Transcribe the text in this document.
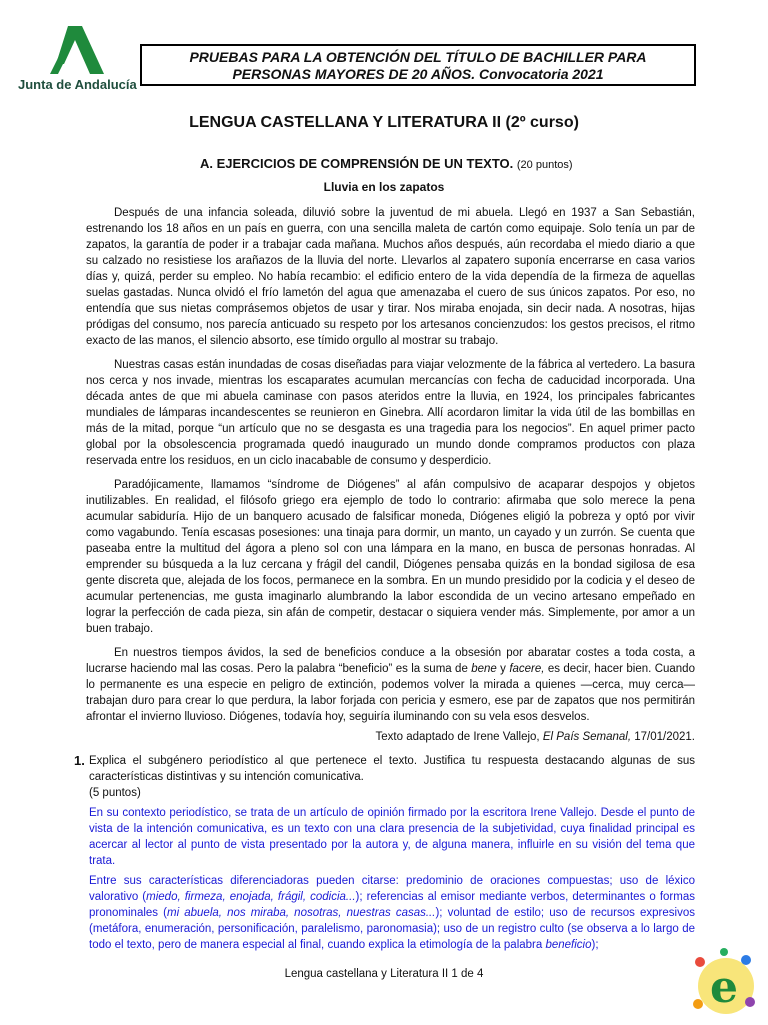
Junta de Andalucía
PRUEBAS PARA LA OBTENCIÓN DEL TÍTULO DE BACHILLER PARA
PERSONAS MAYORES DE 20 AÑOS. Convocatoria 2021
LENGUA CASTELLANA Y LITERATURA II (2º curso)
A. EJERCICIOS DE COMPRENSIÓN DE UN TEXTO. (20 puntos)
Lluvia en los zapatos

Después de una infancia soleada, diluvió sobre la juventud de mi abuela. Llegó en 1937 a San Sebastián, estrenando los 18 años en un país en guerra, con una sencilla maleta de cartón como equipaje. Solo tenía un par de zapatos, la garantía de poder ir a trabajar cada mañana. Muchos años después, aún recordaba el miedo diario a que su calzado no resistiese los arañazos de la lluvia del norte. Llevarlos al zapatero suponía encerrarse en casa varios días y, quizá, perder su empleo. No había recambio: el edificio entero de la vida dependía de la firmeza de aquellas suelas gastadas. Nunca olvidó el frío lametón del agua que amenazaba el cuero de sus únicos zapatos. Por eso, no entendía que sus nietas comprásemos objetos de usar y tirar. Nos miraba enojada, sin decir nada. A nosotras, hijas pródigas del consumo, nos parecía anticuado su respeto por los artesanos concienzudos: los gestos precisos, el ritmo exacto de las manos, el silencio absorto, ese tímido orgullo al mostrar su trabajo.

Nuestras casas están inundadas de cosas diseñadas para viajar velozmente de la fábrica al vertedero. La basura nos cerca y nos invade, mientras los escaparates acumulan mercancías con fecha de caducidad incorporada. Una década antes de que mi abuela caminase con pasos ateridos entre la lluvia, en 1924, los principales fabricantes mundiales de lámparas incandescentes se reunieron en Ginebra. Allí acordaron limitar la vida útil de las bombillas en más de la mitad, porque “un artículo que no se desgasta es una tragedia para los negocios”. En aquel primer pacto global por la obsolescencia programada quedó inaugurado un mundo donde compramos productos con plaza reservada entre los residuos, en un ciclo inacabable de consumo y desperdicio.

Paradójicamente, llamamos “síndrome de Diógenes” al afán compulsivo de acaparar despojos y objetos inutilizables. En realidad, el filósofo griego era ejemplo de todo lo contrario: afirmaba que solo merece la pena acumular sabiduría. Hijo de un banquero acusado de falsificar moneda, Diógenes eligió la pobreza y optó por vivir como vagabundo. Tenía escasas posesiones: una tinaja para dormir, un manto, un cayado y un zurrón. Se cuenta que paseaba entre la multitud del ágora a pleno sol con una lámpara en la mano, en busca de personas honradas. Al emprender su búsqueda a la luz cercana y frágil del candil, Diógenes pensaba quizás en la bondad sigilosa de esa gente discreta que, alejada de los focos, permanece en la sombra. En un mundo presidido por la codicia y el deseo de acumular pertenencias, me gusta imaginarlo alumbrando la labor escondida de un vecino artesano empeñado en lograr la perfección de cada pieza, sin afán de competir, destacar o siquiera vender más. Simplemente, por amor a un buen trabajo.

En nuestros tiempos ávidos, la sed de beneficios conduce a la obsesión por abaratar costes a toda costa, a lucrarse haciendo mal las cosas. Pero la palabra “beneficio” es la suma de bene y facere, es decir, hacer bien. Cuando lo permanente es una especie en peligro de extinción, podemos volver la mirada a quienes —cerca, muy cerca— trabajan duro para crear lo que perdura, la labor forjada con pericia y esmero, ese par de zapatos que nos permitirán afrontar el invierno lluvioso. Diógenes, todavía hoy, seguiría iluminando con su vela esos desvelos.

Texto adaptado de Irene Vallejo, El País Semanal, 17/01/2021.
1. Explica el subgénero periodístico al que pertenece el texto. Justifica tu respuesta destacando algunas de sus características distintivas y su intención comunicativa.
(5 puntos)

En su contexto periodístico, se trata de un artículo de opinión firmado por la escritora Irene Vallejo. Desde el punto de vista de la intención comunicativa, es un texto con una clara presencia de la subjetividad, cuya finalidad principal es acercar al lector al punto de vista presentado por la autora y, de alguna manera, influirle en su visión del tema que trata.

Entre sus características diferenciadoras pueden citarse: predominio de oraciones compuestas; uso de léxico valorativo (miedo, firmeza, enojada, frágil, codicia...); referencias al emisor mediante verbos, determinantes o formas pronominales (mi abuela, nos miraba, nosotras, nuestras casas...); voluntad de estilo; uso de recursos expresivos (metáfora, enumeración, personificación, paralelismo, paronomasia); uso de un registro culto (se observa a lo largo de todo el texto, pero de manera especial al final, cuando explica la etimología de la palabra beneficio);

Lengua castellana y Literatura II 1 de 4	e
